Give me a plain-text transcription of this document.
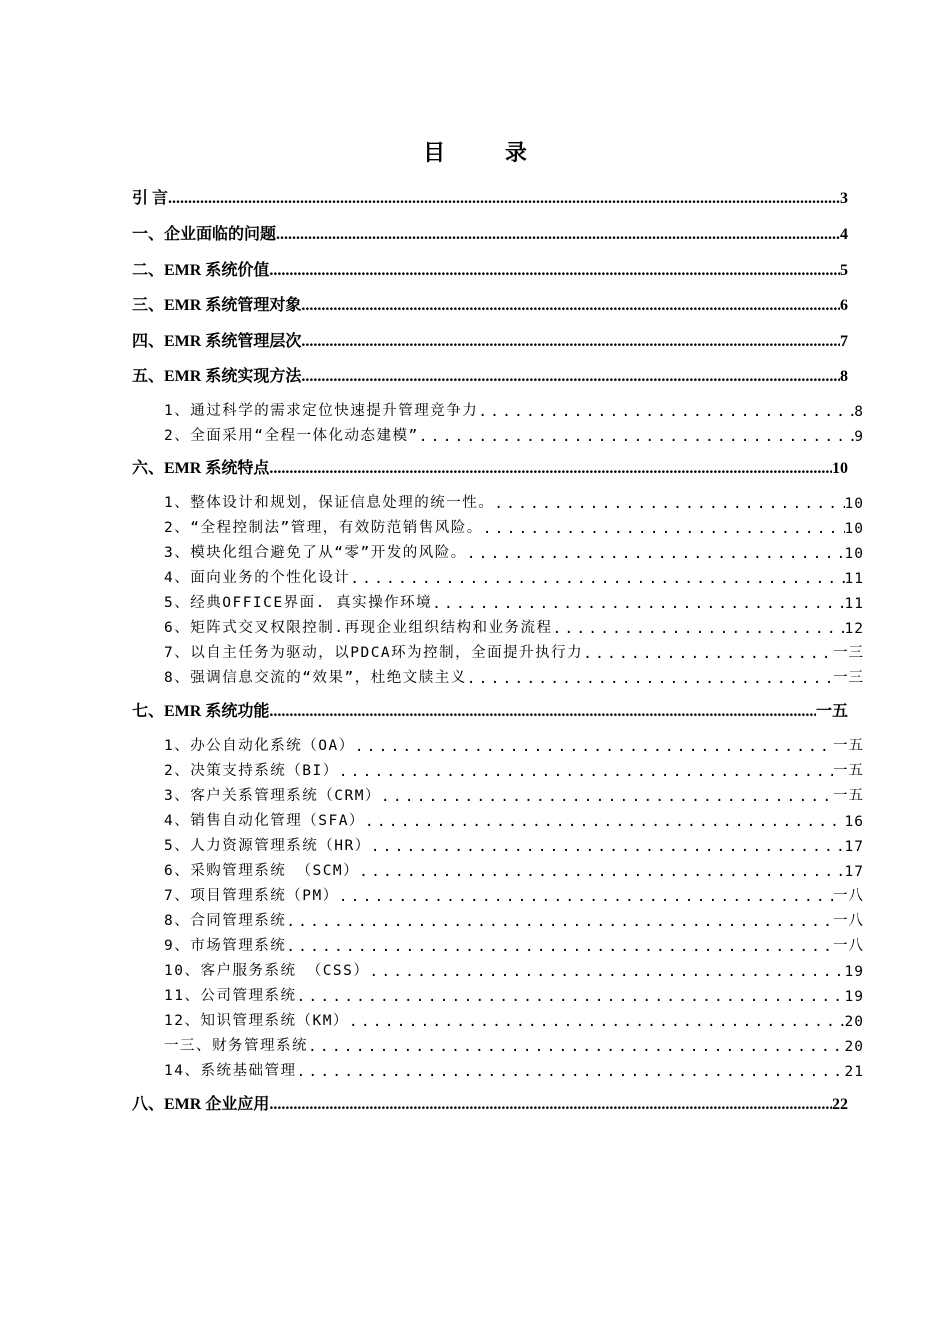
目 录
引 言 .....	3
一、企业面临的问题 .....	4
二、EMR 系统价值 .....	5
三、EMR 系统管理对象 .....	6
四、EMR 系统管理层次 .....	7
五、EMR 系统实现方法 .....	8
1、通过科学的需求定位快速提升管理竞争力 .....	8
2、全面采用“全程一体化动态建模” .....	9
六、EMR 系统特点 .....	10
1、整体设计和规划，保证信息处理的统一性。 .....	10
2、“全程控制法”管理，有效防范销售风险。 .....	10
3、模块化组合避免了从“零”开发的风险。 .....	10
4、面向业务的个性化设计 .....	11
5、经典OFFICE界面. 真实操作环境 .....	11
6、矩阵式交叉权限控制.再现企业组织结构和业务流程 .....	12
7、以自主任务为驱动，以PDCA环为控制，全面提升执行力 .....	一三
8、强调信息交流的“效果”，杜绝文牍主义 .....	一三
七、EMR 系统功能 .....	一五
1、办公自动化系统（OA） .....	一五
2、决策支持系统（BI） .....	一五
3、客户关系管理系统（CRM） .....	一五
4、销售自动化管理（SFA） .....	16
5、人力资源管理系统（HR） .....	17
6、采购管理系统 （SCM） .....	17
7、项目管理系统（PM） .....	一八
8、合同管理系统 .....	一八
9、市场管理系统 .....	一八
10、客户服务系统 （CSS） .....	19
11、公司管理系统 .....	19
12、知识管理系统（KM） .....	20
一三、财务管理系统 .....	20
14、系统基础管理 .....	21
八、EMR 企业应用 .....	22
